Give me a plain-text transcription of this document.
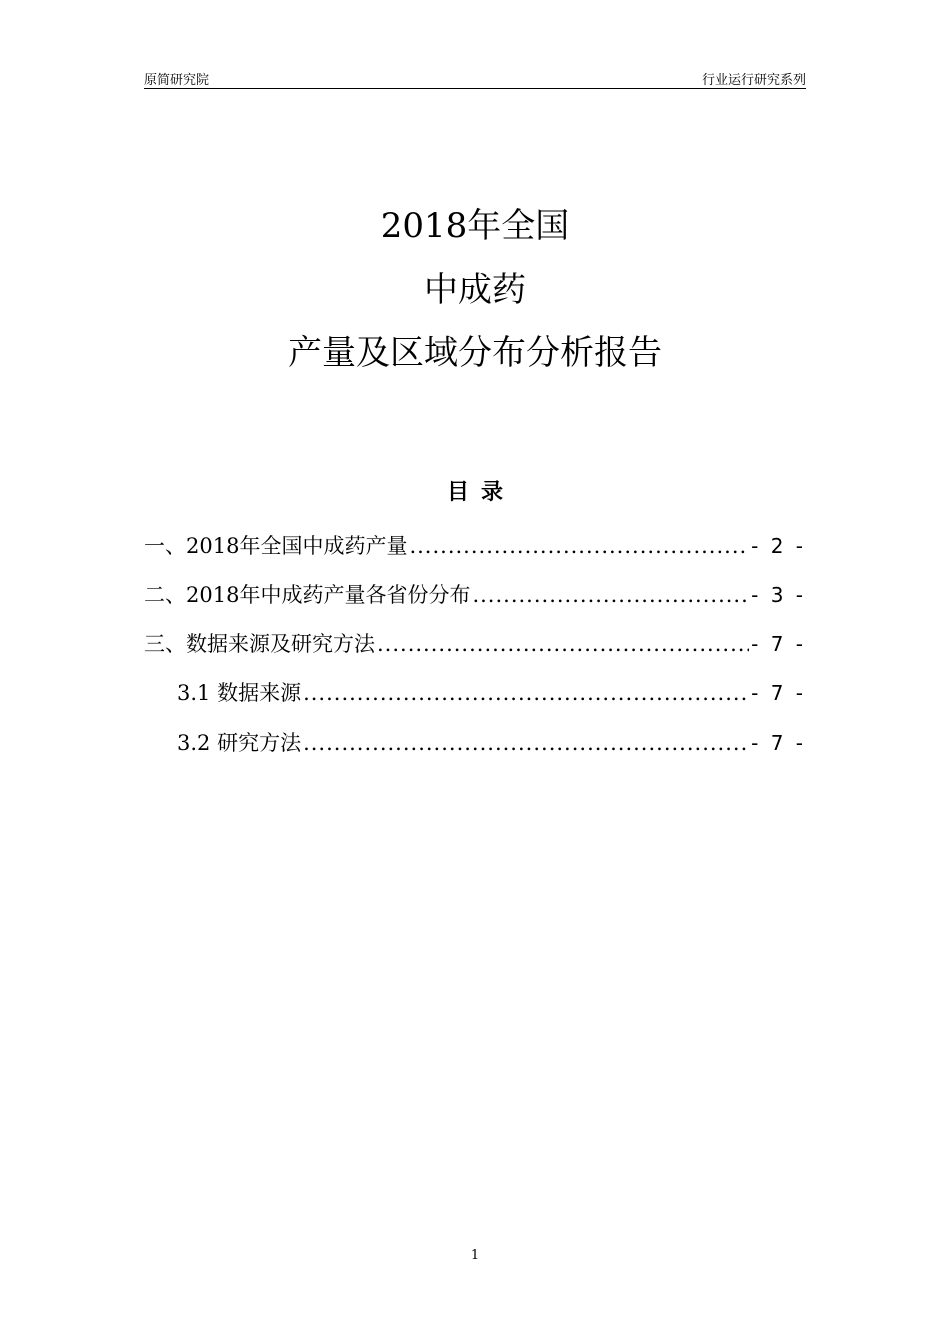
原简研究院	行业运行研究系列
2018年全国
中成药
产量及区域分布分析报告
目录
一、2018年全国中成药产量 .....	- 2 -
二、2018年中成药产量各省份分布 .....	- 3 -
三、数据来源及研究方法 .....	- 7 -
3.1 数据来源 .....	- 7 -
3.2 研究方法 .....	- 7 -
1
